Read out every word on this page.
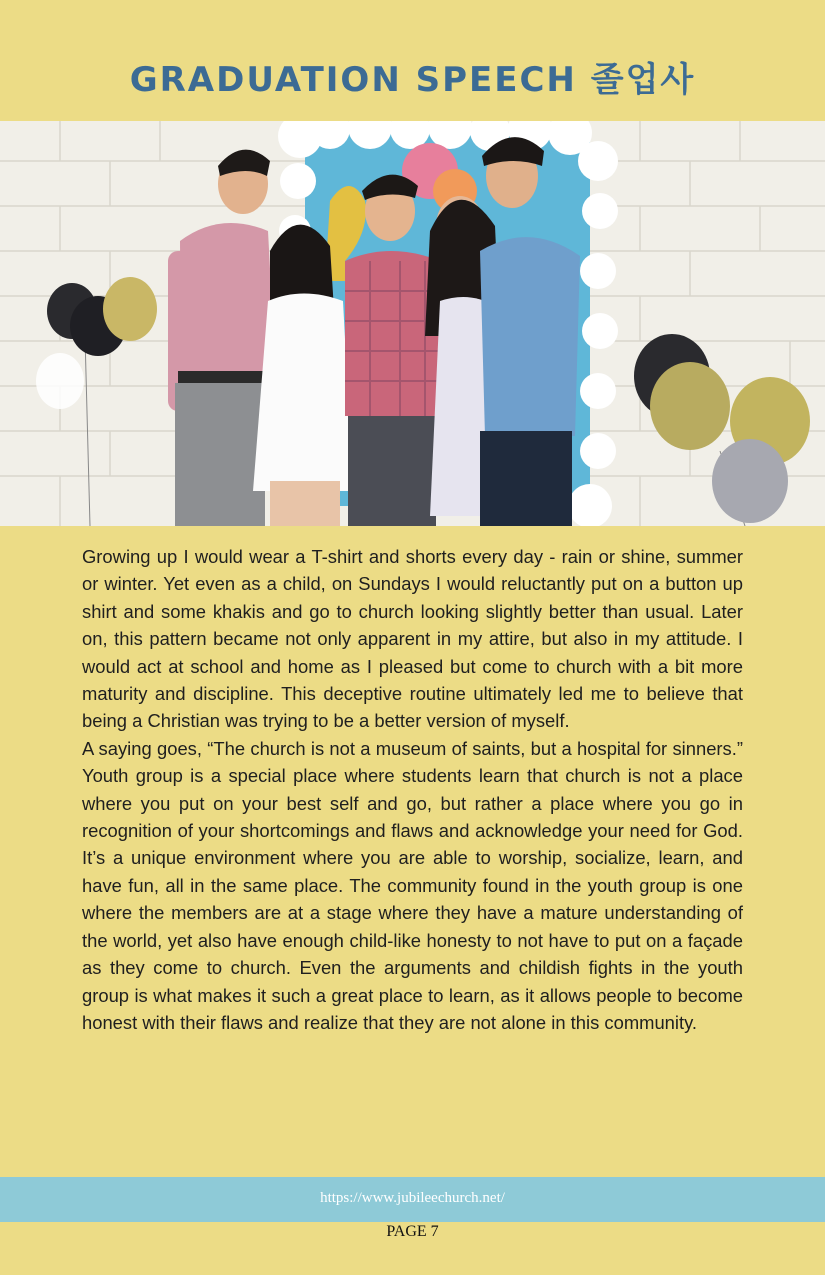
GRADUATION SPEECH 졸업사

Growing up I would wear a T-shirt and shorts every day - rain or shine, summer or winter. Yet even as a child, on Sundays I would reluctantly put on a button up shirt and some khakis and go to church looking slightly better than usual. Later on, this pattern became not only apparent in my attire, but also in my attitude. I would act at school and home as I pleased but come to church with a bit more maturity and discipline. This deceptive routine ultimately led me to believe that being a Christian was trying to be a better version of myself.

A saying goes, “The church is not a museum of saints, but a hospital for sinners.” Youth group is a special place where students learn that church is not a place where you put on your best self and go, but rather a place where you go in recognition of your shortcomings and flaws and acknowledge your need for God. It’s a unique environment where you are able to worship, socialize, learn, and have fun, all in the same place. The community found in the youth group is one where the members are at a stage where they have a mature understanding of the world, yet also have enough child-like honesty to not have to put on a façade as they come to church. Even the arguments and childish fights in the youth group is what makes it such a great place to learn, as it allows people to become honest with their flaws and realize that they are not alone in this community.

https://www.jubileechurch.net/
PAGE 7
